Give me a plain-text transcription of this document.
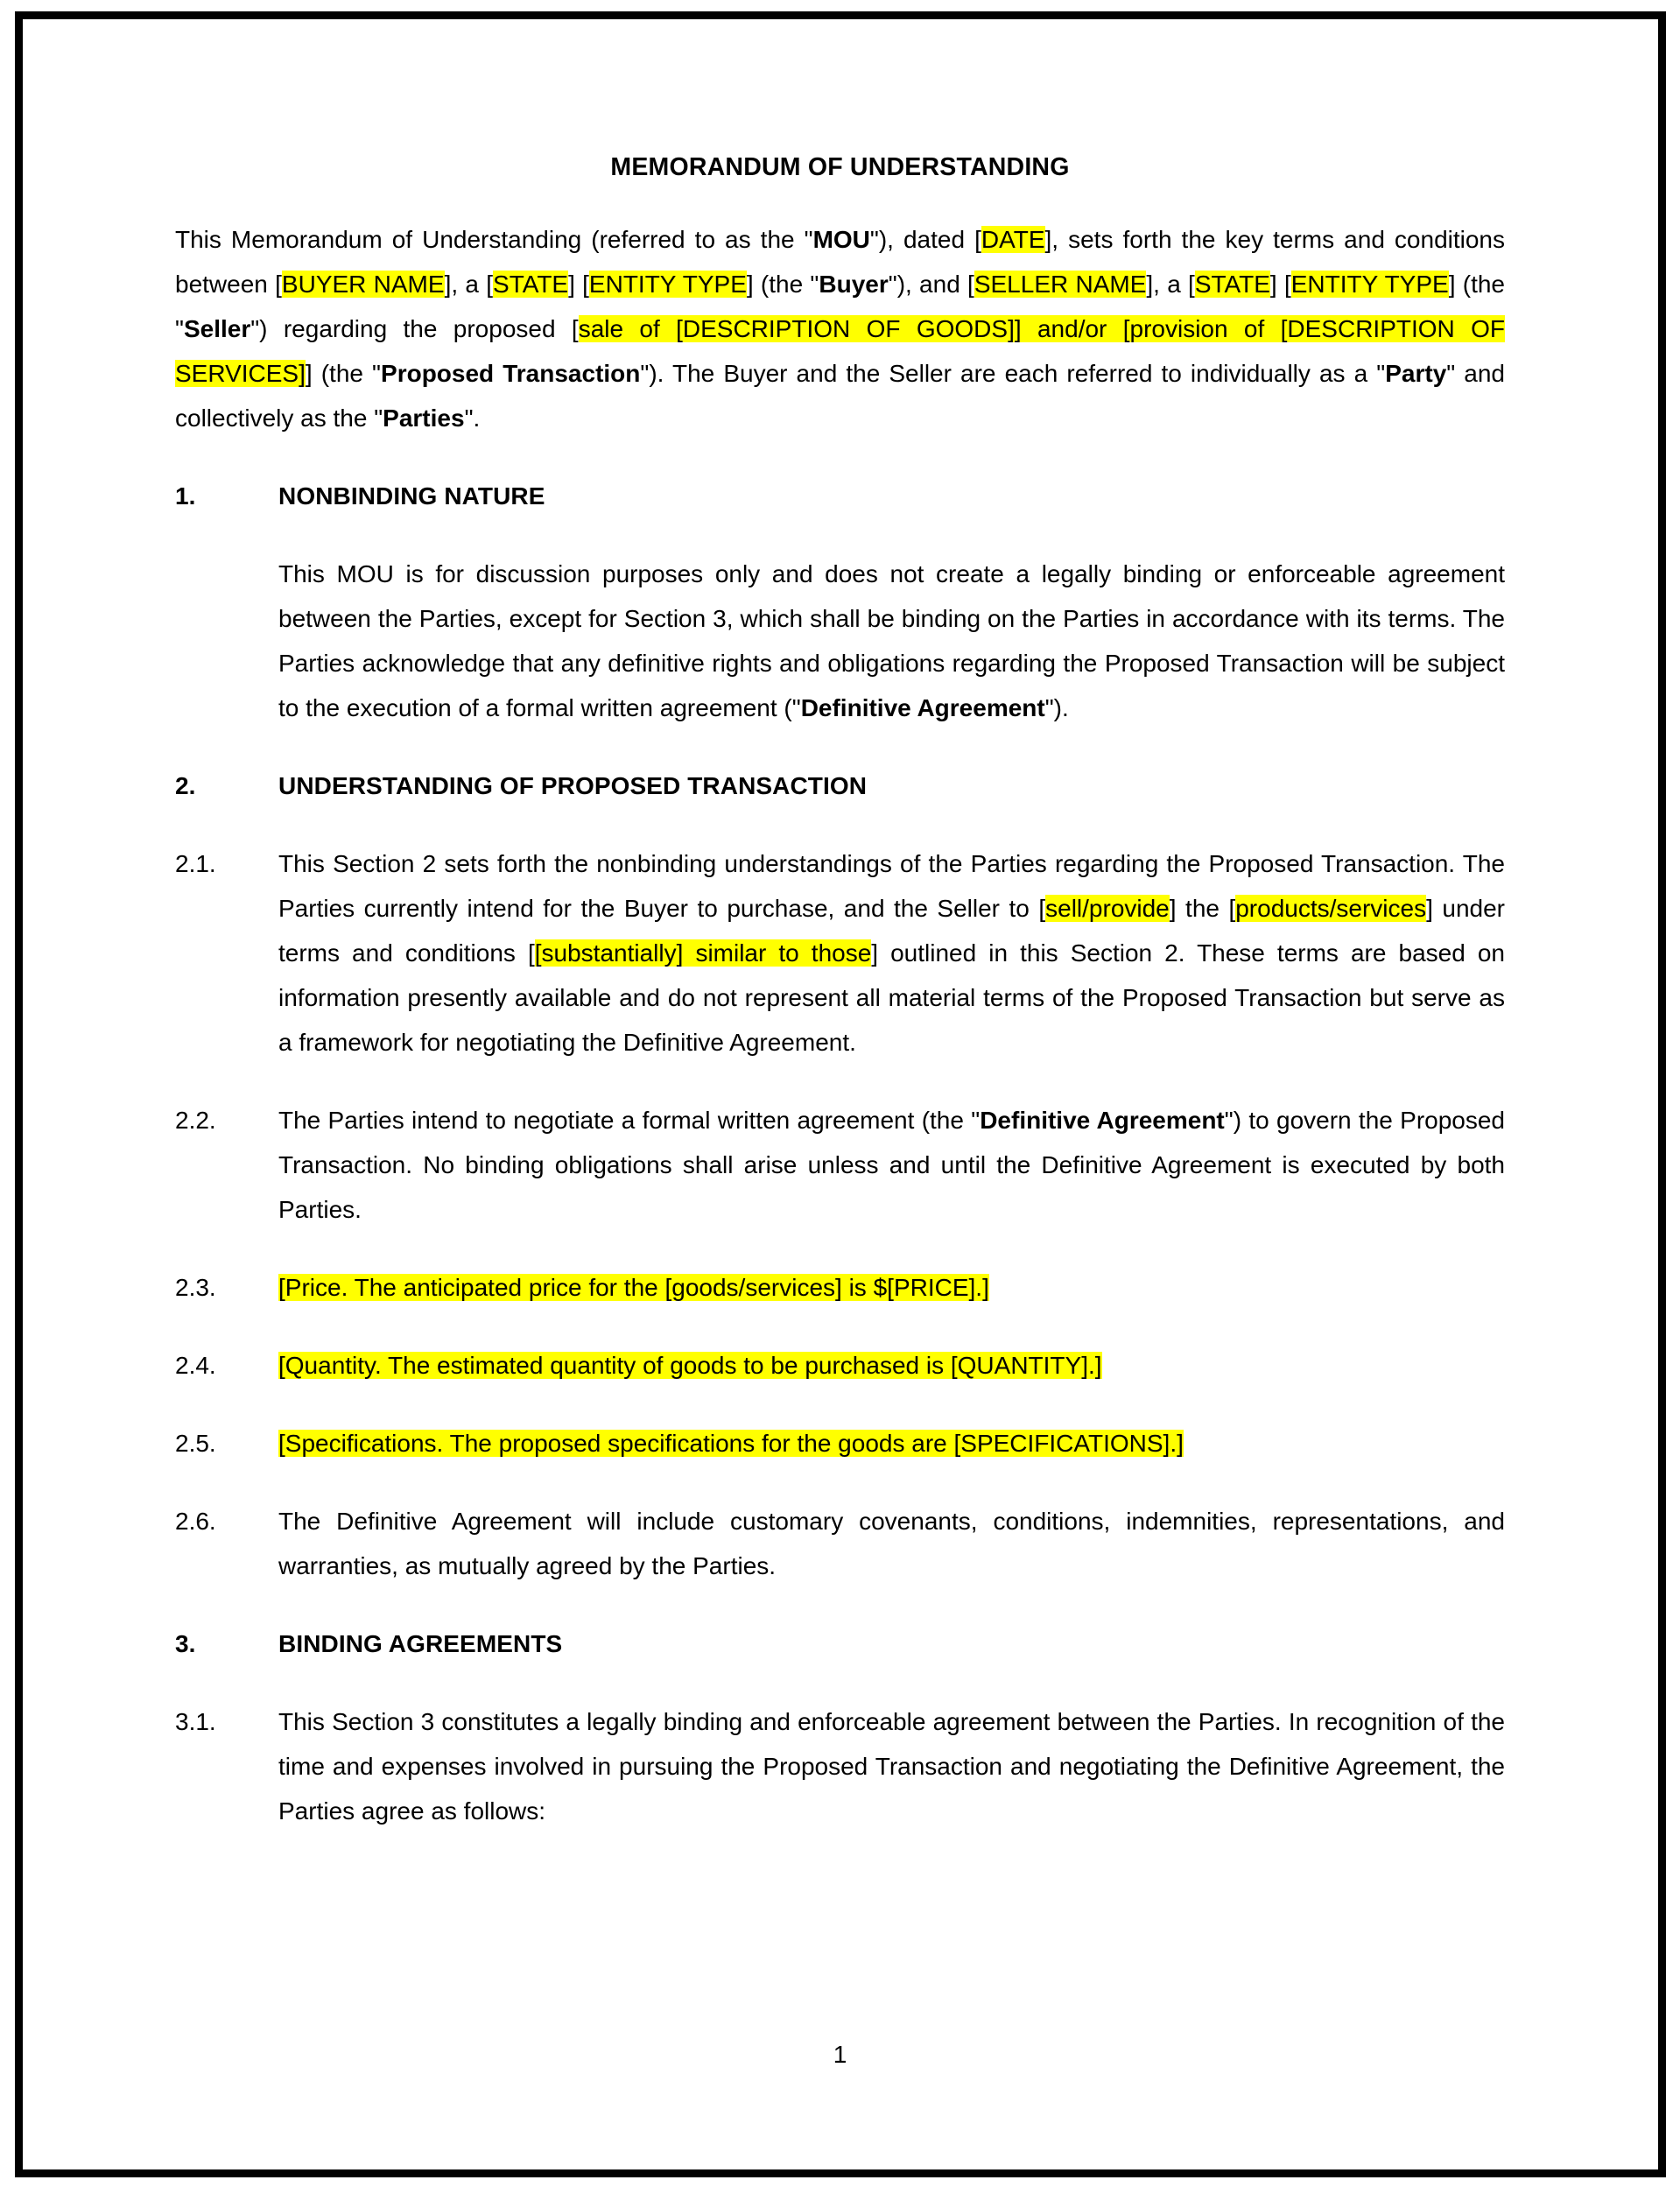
MEMORANDUM OF UNDERSTANDING

This Memorandum of Understanding (referred to as the "MOU"), dated [DATE], sets forth the key terms and conditions between [BUYER NAME], a [STATE] [ENTITY TYPE] (the "Buyer"), and [SELLER NAME], a [STATE] [ENTITY TYPE] (the "Seller") regarding the proposed [sale of [DESCRIPTION OF GOODS]] and/or [provision of [DESCRIPTION OF SERVICES]] (the "Proposed Transaction"). The Buyer and the Seller are each referred to individually as a "Party" and collectively as the "Parties".

1.	NONBINDING NATURE
This MOU is for discussion purposes only and does not create a legally binding or enforceable agreement between the Parties, except for Section 3, which shall be binding on the Parties in accordance with its terms. The Parties acknowledge that any definitive rights and obligations regarding the Proposed Transaction will be subject to the execution of a formal written agreement ("Definitive Agreement").
2.	UNDERSTANDING OF PROPOSED TRANSACTION
2.1.	This Section 2 sets forth the nonbinding understandings of the Parties regarding the Proposed Transaction. The Parties currently intend for the Buyer to purchase, and the Seller to [sell/provide] the [products/services] under terms and conditions [[substantially] similar to those] outlined in this Section 2. These terms are based on information presently available and do not represent all material terms of the Proposed Transaction but serve as a framework for negotiating the Definitive Agreement.
2.2.	The Parties intend to negotiate a formal written agreement (the "Definitive Agreement") to govern the Proposed Transaction. No binding obligations shall arise unless and until the Definitive Agreement is executed by both Parties.
2.3.	[Price. The anticipated price for the [goods/services] is $[PRICE].]
2.4.	[Quantity. The estimated quantity of goods to be purchased is [QUANTITY].]
2.5.	[Specifications. The proposed specifications for the goods are [SPECIFICATIONS].]
2.6.	The Definitive Agreement will include customary covenants, conditions, indemnities, representations, and warranties, as mutually agreed by the Parties.
3.	BINDING AGREEMENTS
3.1.	This Section 3 constitutes a legally binding and enforceable agreement between the Parties. In recognition of the time and expenses involved in pursuing the Proposed Transaction and negotiating the Definitive Agreement, the Parties agree as follows:
1
